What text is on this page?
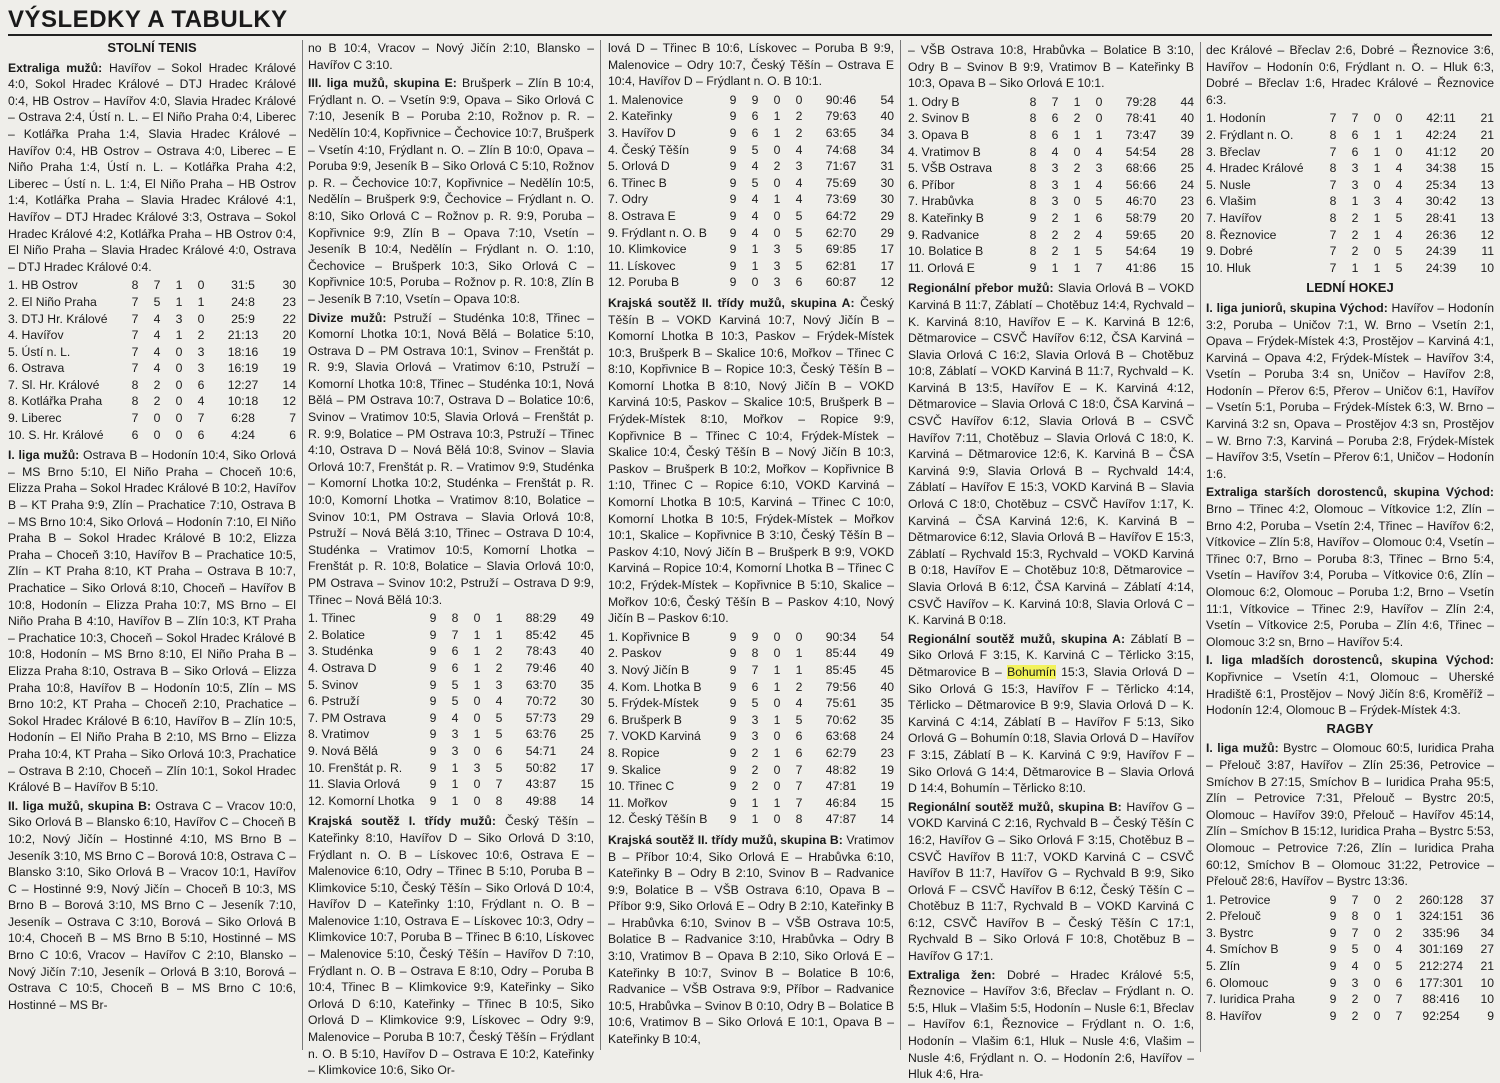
VÝSLEDKY A TABULKY
STOLNÍ TENIS

Extraliga mužů: Havířov – Sokol Hradec Králové 4:0, Sokol Hradec Králové – DTJ Hradec Králové 0:4, HB Ostrov – Havířov 4:0, Slavia Hradec Králové – Ostrava 2:4, Ústí n. L. – El Niño Praha 0:4, Liberec – Kotlářka Praha 1:4, Slavia Hradec Králové – Havířov 0:4, HB Ostrov – Ostrava 4:0, Liberec – E Niño Praha 1:4, Ústí n. L. – Kotlářka Praha 4:2, Liberec – Ústí n. L. 1:4, El Niño Praha – HB Ostrov 1:4, Kotlářka Praha – Slavia Hradec Králové 4:1, Havířov – DTJ Hradec Králové 3:3, Ostrava – Sokol Hradec Králové 4:2, Kotlářka Praha – HB Ostrov 0:4, El Niño Praha – Slavia Hradec Králové 4:0, Ostrava – DTJ Hradec Králové 0:4.

1. HB Ostrov	8	7	1	0	31:5	30
2. El Niño Praha	7	5	1	1	24:8	23
3. DTJ Hr. Králové	7	4	3	0	25:9	22
4. Havířov	7	4	1	2	21:13	20
5. Ústí n. L.	7	4	0	3	18:16	19
6. Ostrava	7	4	0	3	16:19	19
7. Sl. Hr. Králové	8	2	0	6	12:27	14
8. Kotlářka Praha	8	2	0	4	10:18	12
9. Liberec	7	0	0	7	6:28	7
10. S. Hr. Králové	6	0	0	6	4:24	6

I. liga mužů: Ostrava B – Hodonín 10:4, Siko Orlová – MS Brno 5:10, El Niño Praha – Choceň 10:6, Elizza Praha – Sokol Hradec Králové B 10:2, Havířov B – KT Praha 9:9, Zlín – Prachatice 7:10, Ostrava B – MS Brno 10:4, Siko Orlová – Hodonín 7:10, El Niño Praha B – Sokol Hradec Králové B 10:2, Elizza Praha – Choceň 3:10, Havířov B – Prachatice 10:5, Zlín – KT Praha 8:10, KT Praha – Ostrava B 10:7, Prachatice – Siko Orlová 8:10, Choceň – Havířov B 10:8, Hodonín – Elizza Praha 10:7, MS Brno – El Niño Praha B 4:10, Havířov B – Zlín 10:3, KT Praha – Prachatice 10:3, Choceň – Sokol Hradec Králové B 10:8, Hodonín – MS Brno 8:10, El Niño Praha B – Elizza Praha 8:10, Ostrava B – Siko Orlová – Elizza Praha 10:8, Havířov B – Hodonín 10:5, Zlín – MS Brno 10:2, KT Praha – Choceň 2:10, Prachatice – Sokol Hradec Králové B 6:10, Havířov B – Zlín 10:5, Hodonín – El Niño Praha B 2:10, MS Brno – Elizza Praha 10:4, KT Praha – Siko Orlová 10:3, Prachatice – Ostrava B 2:10, Choceň – Zlín 10:1, Sokol Hradec Králové B – Havířov B 5:10.

II. liga mužů, skupina B: Ostrava C – Vracov 10:0, Siko Orlová B – Blansko 6:10, Havířov C – Choceň B 10:2, Nový Jičín – Hostinné 4:10, MS Brno B – Jeseník 3:10, MS Brno C – Borová 10:8, Ostrava C – Blansko 3:10, Siko Orlová B – Vracov 10:1, Havířov C – Hostinné 9:9, Nový Jičín – Choceň B 10:3, MS Brno B – Borová 3:10, MS Brno C – Jeseník 7:10, Jeseník – Ostrava C 3:10, Borová – Siko Orlová B 10:4, Choceň B – MS Brno B 5:10, Hostinné – MS Brno C 10:6, Vracov – Havířov C 2:10, Blansko – Nový Jičín 7:10, Jeseník – Orlová B 3:10, Borová – Ostrava C 10:5, Choceň B – MS Brno C 10:6, Hostinné – MS Br-

no B 10:4, Vracov – Nový Jičín 2:10, Blansko – Havířov C 3:10.

III. liga mužů, skupina E: Brušperk – Zlín B 10:4, Frýdlant n. O. – Vsetín 9:9, Opava – Siko Orlová C 7:10, Jeseník B – Poruba 2:10, Rožnov p. R. – Nedělín 10:4, Kopřivnice – Čechovice 10:7, Brušperk – Vsetín 4:10, Frýdlant n. O. – Zlín B 10:0, Opava – Poruba 9:9, Jeseník B – Siko Orlová C 5:10, Rožnov p. R. – Čechovice 10:7, Kopřivnice – Nedělín 10:5, Nedělín – Brušperk 9:9, Čechovice – Frýdlant n. O. 8:10, Siko Orlová C – Rožnov p. R. 9:9, Poruba – Kopřivnice 9:9, Zlín B – Opava 7:10, Vsetín – Jeseník B 10:4, Nedělín – Frýdlant n. O. 1:10, Čechovice – Brušperk 10:3, Siko Orlová C – Kopřivnice 10:5, Poruba – Rožnov p. R. 10:8, Zlín B – Jeseník B 7:10, Vsetín – Opava 10:8.

Divize mužů: Pstruží – Studénka 10:8, Třinec – Komorní Lhotka 10:1, Nová Bělá – Bolatice 5:10, Ostrava D – PM Ostrava 10:1, Svinov – Frenštát p. R. 9:9, Slavia Orlová – Vratimov 6:10, Pstruží – Komorní Lhotka 10:8, Třinec – Studénka 10:1, Nová Bělá – PM Ostrava 10:7, Ostrava D – Bolatice 10:6, Svinov – Vratimov 10:5, Slavia Orlová – Frenštát p. R. 9:9, Bolatice – PM Ostrava 10:3, Pstruží – Třinec 4:10, Ostrava D – Nová Bělá 10:8, Svinov – Slavia Orlová 10:7, Frenštát p. R. – Vratimov 9:9, Studénka – Komorní Lhotka 10:2, Studénka – Frenštát p. R. 10:0, Komorní Lhotka – Vratimov 8:10, Bolatice – Svinov 10:1, PM Ostrava – Slavia Orlová 10:8, Pstruží – Nová Bělá 3:10, Třinec – Ostrava D 10:4, Studénka – Vratimov 10:5, Komorní Lhotka – Frenštát p. R. 10:8, Bolatice – Slavia Orlová 10:0, PM Ostrava – Svinov 10:2, Pstruží – Ostrava D 9:9, Třinec – Nová Bělá 10:3.

1. Třinec	9	8	0	1	88:29	49
2. Bolatice	9	7	1	1	85:42	45
3. Studénka	9	6	1	2	78:43	40
4. Ostrava D	9	6	1	2	79:46	40
5. Svinov	9	5	1	3	63:70	35
6. Pstruží	9	5	0	4	70:72	30
7. PM Ostrava	9	4	0	5	57:73	29
8. Vratimov	9	3	1	5	63:76	25
9. Nová Bělá	9	3	0	6	54:71	24
10. Frenštát p. R.	9	1	3	5	50:82	17
11. Slavia Orlová	9	1	0	7	43:87	15
12. Komorní Lhotka	9	1	0	8	49:88	14

Krajská soutěž I. třídy mužů: Český Těšín – Kateřinky 8:10, Havířov D – Siko Orlová D 3:10, Frýdlant n. O. B – Lískovec 10:6, Ostrava E – Malenovice 6:10, Odry – Třinec B 5:10, Poruba B – Klimkovice 5:10, Český Těšín – Siko Orlová D 10:4, Havířov D – Kateřinky 1:10, Frýdlant n. O. B – Malenovice 1:10, Ostrava E – Lískovec 10:3, Odry – Klimkovice 10:7, Poruba B – Třinec B 6:10, Lískovec – Malenovice 5:10, Český Těšín – Havířov D 7:10, Frýdlant n. O. B – Ostrava E 8:10, Odry – Poruba B 10:4, Třinec B – Klimkovice 9:9, Kateřinky – Siko Orlová D 6:10, Kateřinky – Třinec B 10:5, Siko Orlová D – Klimkovice 9:9, Lískovec – Odry 9:9, Malenovice – Poruba B 10:7, Český Těšín – Frýdlant n. O. B 5:10, Havířov D – Ostrava E 10:2, Kateřinky – Klimkovice 10:6, Siko Or-

lová D – Třinec B 10:6, Lískovec – Poruba B 9:9, Malenovice – Odry 10:7, Český Těšín – Ostrava E 10:4, Havířov D – Frýdlant n. O. B 10:1.

1. Malenovice	9	9	0	0	90:46	54
2. Kateřinky	9	6	1	2	79:63	40
3. Havířov D	9	6	1	2	63:65	34
4. Český Těšín	9	5	0	4	74:68	34
5. Orlová D	9	4	2	3	71:67	31
6. Třinec B	9	5	0	4	75:69	30
7. Odry	9	4	1	4	73:69	30
8. Ostrava E	9	4	0	5	64:72	29
9. Frýdlant n. O. B	9	4	0	5	62:70	29
10. Klimkovice	9	1	3	5	69:85	17
11. Lískovec	9	1	3	5	62:81	17
12. Poruba B	9	0	3	6	60:87	12

Krajská soutěž II. třídy mužů, skupina A: Český Těšín B – VOKD Karviná 10:7, Nový Jičín B – Komorní Lhotka B 10:3, Paskov – Frýdek-Místek 10:3, Brušperk B – Skalice 10:6, Mořkov – Třinec C 8:10, Kopřivnice B – Ropice 10:3, Český Těšín B – Komorní Lhotka B 8:10, Nový Jičín B – VOKD Karviná 10:5, Paskov – Skalice 10:5, Brušperk B – Frýdek-Místek 8:10, Mořkov – Ropice 9:9, Kopřivnice B – Třinec C 10:4, Frýdek-Místek – Skalice 10:4, Český Těšín B – Nový Jičín B 10:3, Paskov – Brušperk B 10:2, Mořkov – Kopřivnice B 1:10, Třinec C – Ropice 6:10, VOKD Karviná – Komorní Lhotka B 10:5, Karviná – Třinec C 10:0, Komorní Lhotka B 10:5, Frýdek-Místek – Mořkov 10:1, Skalice – Kopřivnice B 3:10, Český Těšín B – Paskov 4:10, Nový Jičín B – Brušperk B 9:9, VOKD Karviná – Ropice 10:4, Komorní Lhotka B – Třinec C 10:2, Frýdek-Místek – Kopřivnice B 5:10, Skalice – Mořkov 10:6, Český Těšín B – Paskov 4:10, Nový Jičín B – Paskov 6:10.

1. Kopřivnice B	9	9	0	0	90:34	54
2. Paskov	9	8	0	1	85:44	49
3. Nový Jičín B	9	7	1	1	85:45	45
4. Kom. Lhotka B	9	6	1	2	79:56	40
5. Frýdek-Místek	9	5	0	4	75:61	35
6. Brušperk B	9	3	1	5	70:62	35
7. VOKD Karviná	9	3	0	6	63:68	24
8. Ropice	9	2	1	6	62:79	23
9. Skalice	9	2	0	7	48:82	19
10. Třinec C	9	2	0	7	47:81	19
11. Mořkov	9	1	1	7	46:84	15
12. Český Těšín B	9	1	0	8	47:87	14

Krajská soutěž II. třídy mužů, skupina B: Vratimov B – Příbor 10:4, Siko Orlová E – Hrabůvka 6:10, Kateřinky B – Odry B 2:10, Svinov B – Radvanice 9:9, Bolatice B – VŠB Ostrava 6:10, Opava B – Příbor 9:9, Siko Orlová E – Odry B 2:10, Kateřinky B – Hrabůvka 6:10, Svinov B – VŠB Ostrava 10:5, Bolatice B – Radvanice 3:10, Hrabůvka – Odry B 3:10, Vratimov B – Opava B 2:10, Siko Orlová E – Kateřinky B 10:7, Svinov B – Bolatice B 10:6, Radvanice – VŠB Ostrava 9:9, Příbor – Radvanice 10:5, Hrabůvka – Svinov B 0:10, Odry B – Bolatice B 10:6, Vratimov B – Siko Orlová E 10:1, Opava B – Kateřinky B 10:4,

– VŠB Ostrava 10:8, Hrabůvka – Bolatice B 3:10, Odry B – Svinov B 9:9, Vratimov B – Kateřinky B 10:3, Opava B – Siko Orlová E 10:1.

1. Odry B	8	7	1	0	79:28	44
2. Svinov B	8	6	2	0	78:41	40
3. Opava B	8	6	1	1	73:47	39
4. Vratimov B	8	4	0	4	54:54	28
5. VŠB Ostrava	8	3	2	3	68:66	25
6. Příbor	8	3	1	4	56:66	24
7. Hrabůvka	8	3	0	5	46:70	23
8. Kateřinky B	9	2	1	6	58:79	20
9. Radvanice	8	2	2	4	59:65	20
10. Bolatice B	8	2	1	5	54:64	19
11. Orlová E	9	1	1	7	41:86	15

Regionální přebor mužů: Slavia Orlová B – VOKD Karviná B 11:7, Záblatí – Chotěbuz 14:4, Rychvald – K. Karviná 8:10, Havířov E – K. Karviná B 12:6, Dětmarovice – CSVČ Havířov 6:12, ČSA Karviná – Slavia Orlová C 16:2, Slavia Orlová B – Chotěbuz 10:8, Záblatí – VOKD Karviná B 11:7, Rychvald – K. Karviná B 13:5, Havířov E – K. Karviná 4:12, Dětmarovice – Slavia Orlová C 18:0, ČSA Karviná – CSVČ Havířov 6:12, Slavia Orlová B – CSVČ Havířov 7:11, Chotěbuz – Slavia Orlová C 18:0, K. Karviná – Dětmarovice 12:6, K. Karviná B – ČSA Karviná 9:9, Slavia Orlová B – Rychvald 14:4, Záblatí – Havířov E 15:3, VOKD Karviná B – Slavia Orlová C 18:0, Chotěbuz – CSVČ Havířov 1:17, K. Karviná – ČSA Karviná 12:6, K. Karviná B – Dětmarovice 6:12, Slavia Orlová B – Havířov E 15:3, Záblatí – Rychvald 15:3, Rychvald – VOKD Karviná B 0:18, Havířov E – Chotěbuz 10:8, Dětmarovice – Slavia Orlová B 6:12, ČSA Karviná – Záblatí 4:14, CSVČ Havířov – K. Karviná 10:8, Slavia Orlová C – K. Karviná B 0:18.

Regionální soutěž mužů, skupina A: Záblatí B – Siko Orlová F 3:15, K. Karviná C – Těrlicko 3:15, Dětmarovice B – Bohumín 15:3, Slavia Orlová D – Siko Orlová G 15:3, Havířov F – Těrlicko 4:14, Těrlicko – Dětmarovice B 9:9, Slavia Orlová D – K. Karviná C 4:14, Záblatí B – Havířov F 5:13, Siko Orlová G – Bohumín 0:18, Slavia Orlová D – Havířov F 3:15, Záblatí B – K. Karviná C 9:9, Havířov F – Siko Orlová G 14:4, Dětmarovice B – Slavia Orlová D 14:4, Bohumín – Těrlicko 8:10.

Regionální soutěž mužů, skupina B: Havířov G – VOKD Karviná C 2:16, Rychvald B – Český Těšín C 16:2, Havířov G – Siko Orlová F 3:15, Chotěbuz B – CSVČ Havířov B 11:7, VOKD Karviná C – CSVČ Havířov B 11:7, Havířov G – Rychvald B 9:9, Siko Orlová F – CSVČ Havířov B 6:12, Český Těšín C – Chotěbuz B 11:7, Rychvald B – VOKD Karviná C 6:12, CSVČ Havířov B – Český Těšín C 17:1, Rychvald B – Siko Orlová F 10:8, Chotěbuz B – Havířov G 17:1.

Extraliga žen: Dobré – Hradec Králové 5:5, Řeznovice – Havířov 3:6, Břeclav – Frýdlant n. O. 5:5, Hluk – Vlašim 5:5, Hodonín – Nusle 6:1, Břeclav – Havířov 6:1, Řeznovice – Frýdlant n. O. 1:6, Hodonín – Vlašim 6:1, Hluk – Nusle 4:6, Vlašim – Nusle 4:6, Frýdlant n. O. – Hodonín 2:6, Havířov – Hluk 4:6, Hra-

dec Králové – Břeclav 2:6, Dobré – Řeznovice 3:6, Havířov – Hodonín 0:6, Frýdlant n. O. – Hluk 6:3, Dobré – Břeclav 1:6, Hradec Králové – Řeznovice 6:3.

1. Hodonín	7	7	0	0	42:11	21
2. Frýdlant n. O.	8	6	1	1	42:24	21
3. Břeclav	7	6	1	0	41:12	20
4. Hradec Králové	8	3	1	4	34:38	15
5. Nusle	7	3	0	4	25:34	13
6. Vlašim	8	1	3	4	30:42	13
7. Havířov	8	2	1	5	28:41	13
8. Řeznovice	7	2	1	4	26:36	12
9. Dobré	7	2	0	5	24:39	11
10. Hluk	7	1	1	5	24:39	10
LEDNÍ HOKEJ

I. liga juniorů, skupina Východ: Havířov – Hodonín 3:2, Poruba – Uničov 7:1, W. Brno – Vsetín 2:1, Opava – Frýdek-Místek 4:3, Prostějov – Karviná 4:1, Karviná – Opava 4:2, Frýdek-Místek – Havířov 3:4, Vsetín – Poruba 3:4 sn, Uničov – Havířov 2:8, Hodonín – Přerov 6:5, Přerov – Uničov 6:1, Havířov – Vsetín 5:1, Poruba – Frýdek-Místek 6:3, W. Brno – Karviná 3:2 sn, Opava – Prostějov 4:3 sn, Prostějov – W. Brno 7:3, Karviná – Poruba 2:8, Frýdek-Místek – Havířov 3:5, Vsetín – Přerov 6:1, Uničov – Hodonín 1:6.

Extraliga starších dorostenců, skupina Východ: Brno – Třinec 4:2, Olomouc – Vítkovice 1:2, Zlín – Brno 4:2, Poruba – Vsetín 2:4, Třinec – Havířov 6:2, Vítkovice – Zlín 5:8, Havířov – Olomouc 0:4, Vsetín – Třinec 0:7, Brno – Poruba 8:3, Třinec – Brno 5:4, Vsetín – Havířov 3:4, Poruba – Vítkovice 0:6, Zlín – Olomouc 6:2, Olomouc – Poruba 1:2, Brno – Vsetín 11:1, Vítkovice – Třinec 2:9, Havířov – Zlín 2:4, Vsetín – Vítkovice 2:5, Poruba – Zlín 4:6, Třinec – Olomouc 3:2 sn, Brno – Havířov 5:4.

I. liga mladších dorostenců, skupina Východ: Kopřivnice – Vsetín 4:1, Olomouc – Uherské Hradiště 6:1, Prostějov – Nový Jičín 8:6, Kroměříž – Hodonín 12:4, Olomouc B – Frýdek-Místek 4:3.

RAGBY

I. liga mužů: Bystrc – Olomouc 60:5, Iuridica Praha – Přelouč 3:87, Havířov – Zlín 25:36, Petrovice – Smíchov B 27:15, Smíchov B – Iuridica Praha 95:5, Zlín – Petrovice 7:31, Přelouč – Bystrc 20:5, Olomouc – Havířov 39:0, Přelouč – Havířov 45:14, Zlín – Smíchov B 15:12, Iuridica Praha – Bystrc 5:53, Olomouc – Petrovice 7:26, Zlín – Iuridica Praha 60:12, Smíchov B – Olomouc 31:22, Petrovice – Přelouč 28:6, Havířov – Bystrc 13:36.

1. Petrovice	9	7	0	2	260:128	37
2. Přelouč	9	8	0	1	324:151	36
3. Bystrc	9	7	0	2	335:96	34
4. Smíchov B	9	5	0	4	301:169	27
5. Zlín	9	4	0	5	212:274	21
6. Olomouc	9	3	0	6	177:301	10
7. Iuridica Praha	9	2	0	7	88:416	10
8. Havířov	9	2	0	7	92:254	9
